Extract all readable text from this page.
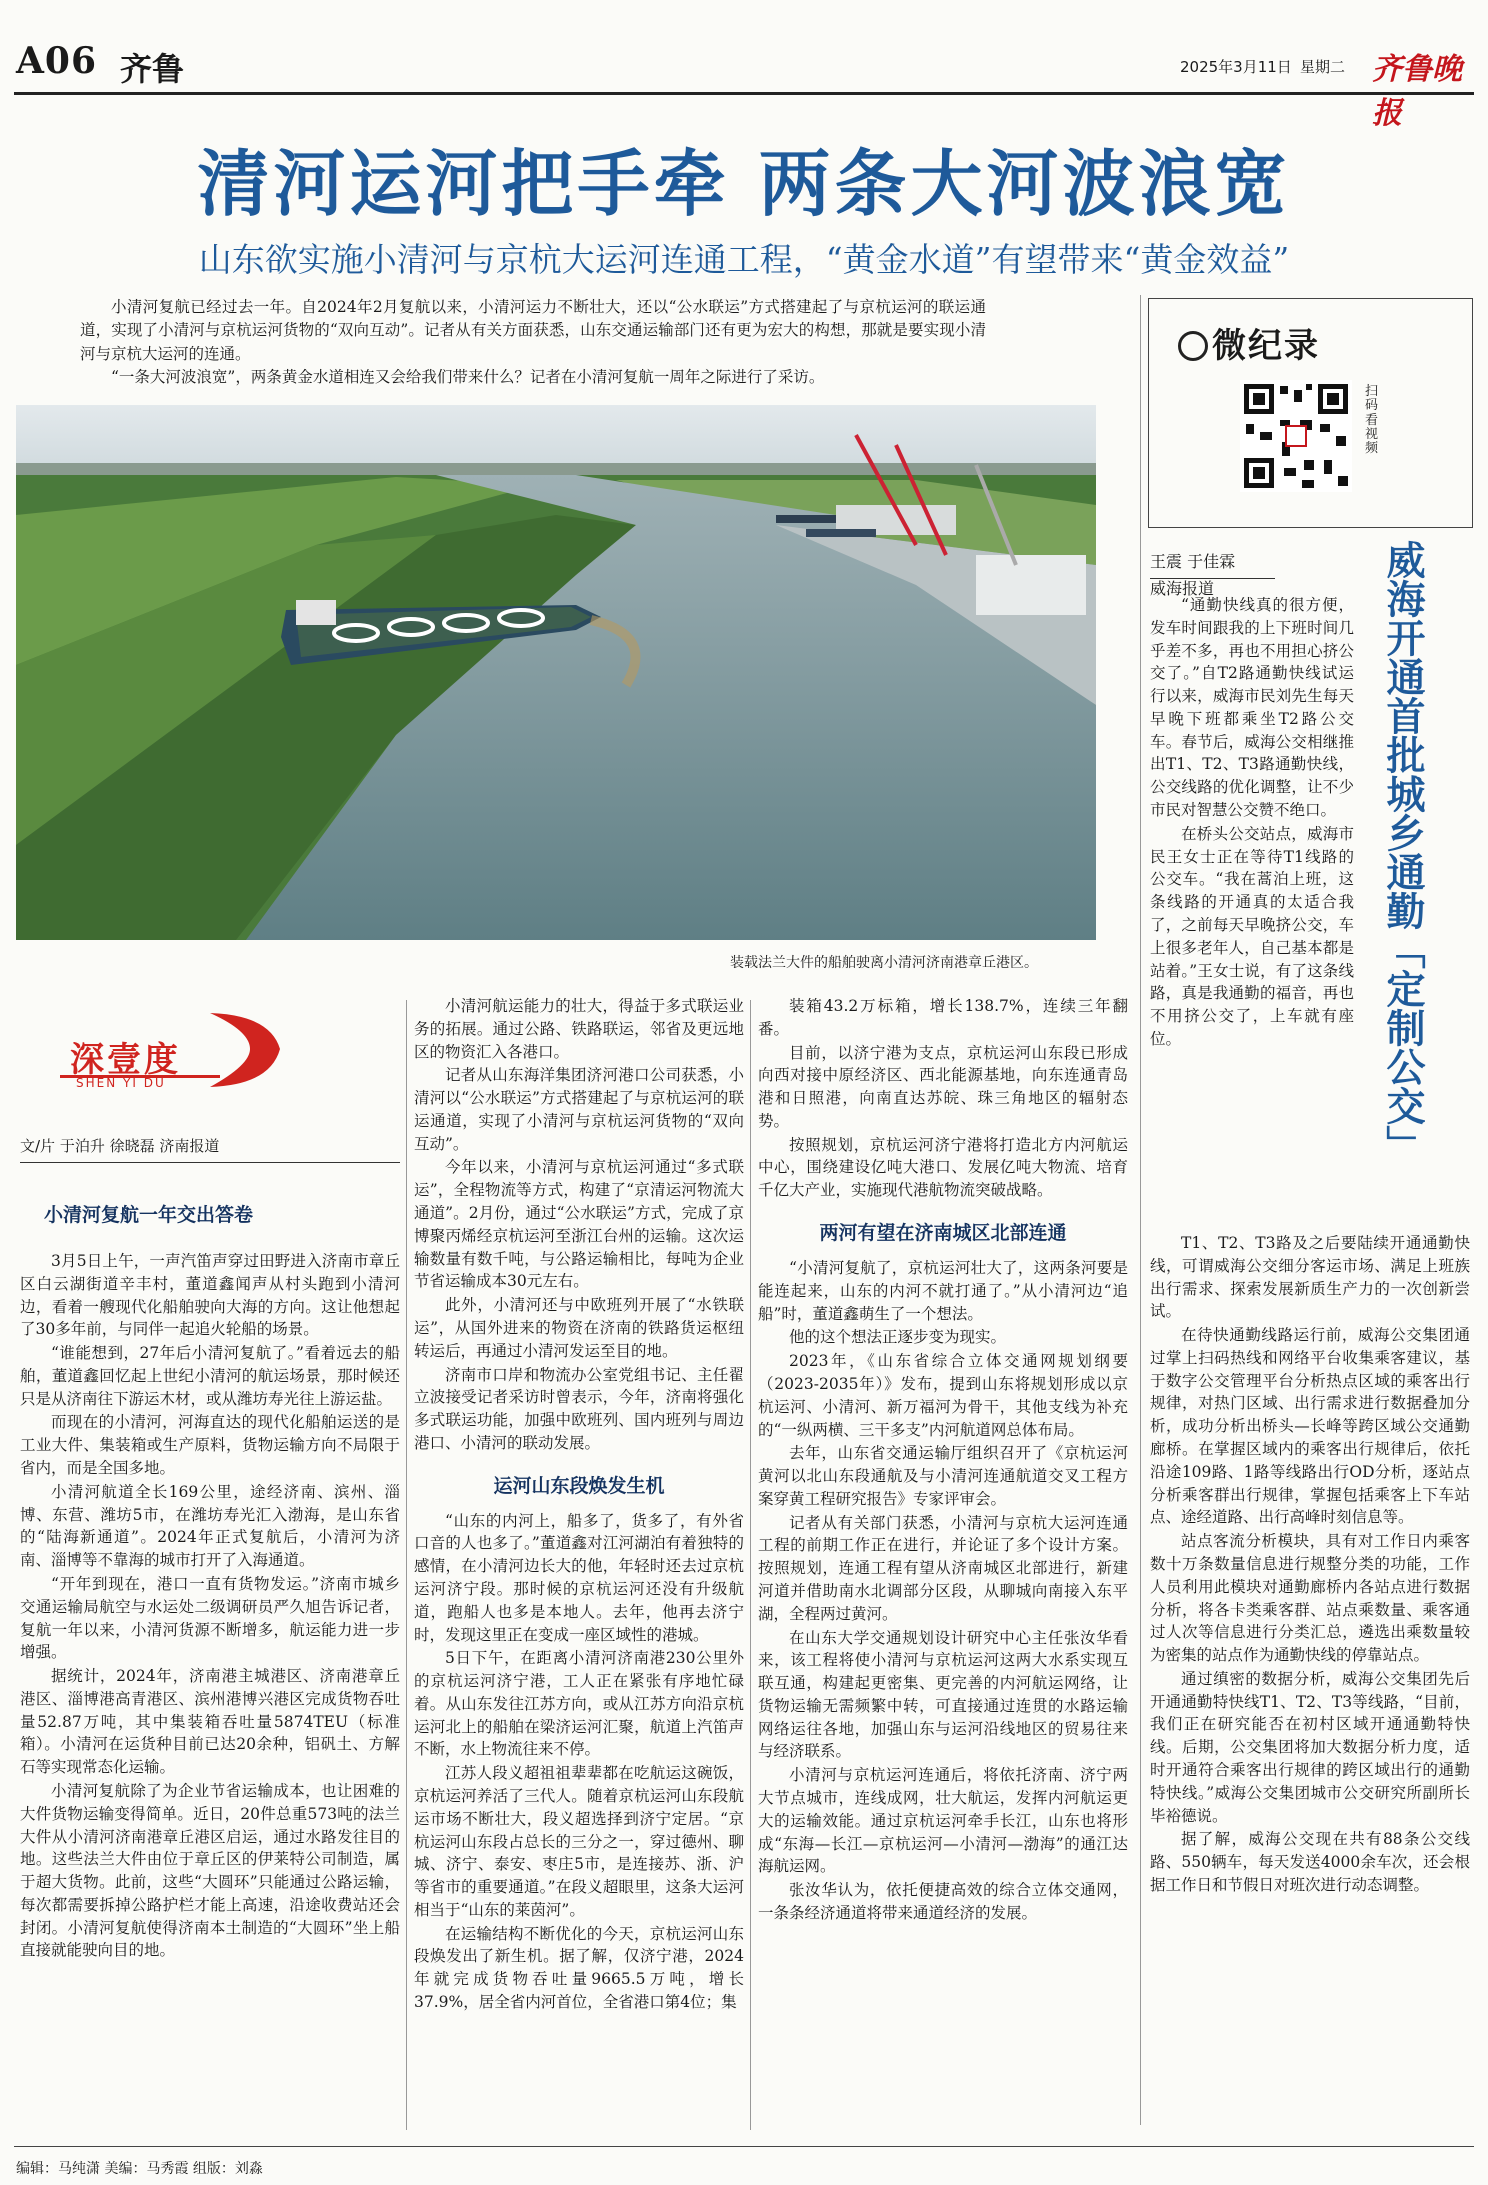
A06 齐鲁	2025年3月11日 星期二 齐鲁晚报
清河运河把手牵 两条大河波浪宽
山东欲实施小清河与京杭大运河连通工程，“黄金水道”有望带来“黄金效益”

小清河复航已经过去一年。自2024年2月复航以来，小清河运力不断壮大，还以“公水联运”方式搭建起了与京杭运河的联运通道，实现了小清河与京杭运河货物的“双向互动”。记者从有关方面获悉，山东交通运输部门还有更为宏大的构想，那就是要实现小清河与京杭大运河的连通。

“一条大河波浪宽”，两条黄金水道相连又会给我们带来什么？记者在小清河复航一周年之际进行了采访。

装载法兰大件的船舶驶离小清河济南港章丘港区。
深壹度
SHEN YI DU
文/片 于泊升 徐晓磊 济南报道
小清河复航一年交出答卷

3月5日上午，一声汽笛声穿过田野进入济南市章丘区白云湖街道辛丰村，董道鑫闻声从村头跑到小清河边，看着一艘现代化船舶驶向大海的方向。这让他想起了30多年前，与同伴一起追火轮船的场景。

“谁能想到，27年后小清河复航了。”看着远去的船舶，董道鑫回忆起上世纪小清河的航运场景，那时候还只是从济南往下游运木材，或从潍坊寿光往上游运盐。

而现在的小清河，河海直达的现代化船舶运送的是工业大件、集装箱或生产原料，货物运输方向不局限于省内，而是全国多地。

小清河航道全长169公里，途经济南、滨州、淄博、东营、潍坊5市，在潍坊寿光汇入渤海，是山东省的“陆海新通道”。2024年正式复航后，小清河为济南、淄博等不靠海的城市打开了入海通道。

“开年到现在，港口一直有货物发运。”济南市城乡交通运输局航空与水运处二级调研员严久旭告诉记者，复航一年以来，小清河货源不断增多，航运能力进一步增强。

据统计，2024年，济南港主城港区、济南港章丘港区、淄博港高青港区、滨州港博兴港区完成货物吞吐量52.87万吨，其中集装箱吞吐量5874TEU（标准箱）。小清河在运货种目前已达20余种，铝矾土、方解石等实现常态化运输。

小清河复航除了为企业节省运输成本，也让困难的大件货物运输变得简单。近日，20件总重573吨的法兰大件从小清河济南港章丘港区启运，通过水路发往目的地。这些法兰大件由位于章丘区的伊莱特公司制造，属于超大货物。此前，这些“大圆环”只能通过公路运输，每次都需要拆掉公路护栏才能上高速，沿途收费站还会封闭。小清河复航使得济南本土制造的“大圆环”坐上船直接就能驶向目的地。

小清河航运能力的壮大，得益于多式联运业务的拓展。通过公路、铁路联运，邻省及更远地区的物资汇入各港口。

记者从山东海洋集团济河港口公司获悉，小清河以“公水联运”方式搭建起了与京杭运河的联运通道，实现了小清河与京杭运河货物的“双向互动”。

今年以来，小清河与京杭运河通过“多式联运”，全程物流等方式，构建了“京清运河物流大通道”。2月份，通过“公水联运”方式，完成了京博聚丙烯经京杭运河至浙江台州的运输。这次运输数量有数千吨，与公路运输相比，每吨为企业节省运输成本30元左右。

此外，小清河还与中欧班列开展了“水铁联运”，从国外进来的物资在济南的铁路货运枢纽转运后，再通过小清河发运至目的地。

济南市口岸和物流办公室党组书记、主任翟立波接受记者采访时曾表示，今年，济南将强化多式联运功能，加强中欧班列、国内班列与周边港口、小清河的联动发展。

运河山东段焕发生机

“山东的内河上，船多了，货多了，有外省口音的人也多了。”董道鑫对江河湖泊有着独特的感情，在小清河边长大的他，年轻时还去过京杭运河济宁段。那时候的京杭运河还没有升级航道，跑船人也多是本地人。去年，他再去济宁时，发现这里正在变成一座区域性的港城。

5日下午，在距离小清河济南港230公里外的京杭运河济宁港，工人正在紧张有序地忙碌着。从山东发往江苏方向，或从江苏方向沿京杭运河北上的船舶在梁济运河汇聚，航道上汽笛声不断，水上物流往来不停。

江苏人段义超祖祖辈辈都在吃航运这碗饭，京杭运河养活了三代人。随着京杭运河山东段航运市场不断壮大，段义超选择到济宁定居。“京杭运河山东段占总长的三分之一，穿过德州、聊城、济宁、泰安、枣庄5市，是连接苏、浙、沪等省市的重要通道。”在段义超眼里，这条大运河相当于“山东的莱茵河”。

在运输结构不断优化的今天，京杭运河山东段焕发出了新生机。据了解，仅济宁港，2024年就完成货物吞吐量9665.5万吨，增长37.9%，居全省内河首位，全省港口第4位；集

装箱43.2万标箱，增长138.7%，连续三年翻番。

目前，以济宁港为支点，京杭运河山东段已形成向西对接中原经济区、西北能源基地，向东连通青岛港和日照港，向南直达苏皖、珠三角地区的辐射态势。

按照规划，京杭运河济宁港将打造北方内河航运中心，围绕建设亿吨大港口、发展亿吨大物流、培育千亿大产业，实施现代港航物流突破战略。

两河有望在济南城区北部连通

“小清河复航了，京杭运河壮大了，这两条河要是能连起来，山东的内河不就打通了。”从小清河边“追船”时，董道鑫萌生了一个想法。

他的这个想法正逐步变为现实。

2023年，《山东省综合立体交通网规划纲要（2023-2035年）》发布，提到山东将规划形成以京杭运河、小清河、新万福河为骨干，其他支线为补充的“一纵两横、三干多支”内河航道网总体布局。

去年，山东省交通运输厅组织召开了《京杭运河黄河以北山东段通航及与小清河连通航道交叉工程方案穿黄工程研究报告》专家评审会。

记者从有关部门获悉，小清河与京杭大运河连通工程的前期工作正在进行，并论证了多个设计方案。按照规划，连通工程有望从济南城区北部进行，新建河道并借助南水北调部分区段，从聊城向南接入东平湖，全程两过黄河。

在山东大学交通规划设计研究中心主任张汝华看来，该工程将使小清河与京杭运河这两大水系实现互联互通，构建起更密集、更完善的内河航运网络，让货物运输无需频繁中转，可直接通过连贯的水路运输网络运往各地，加强山东与运河沿线地区的贸易往来与经济联系。

小清河与京杭运河连通后，将依托济南、济宁两大节点城市，连线成网，壮大航运，发挥内河航运更大的运输效能。通过京杭运河牵手长江，山东也将形成“东海—长江—京杭运河—小清河—渤海”的通江达海航运网。

张汝华认为，依托便捷高效的综合立体交通网，一条条经济通道将带来通道经济的发展。

微纪录
扫码看视频
王震 于佳霖
威海报道	威海开通首批城乡通勤「定制公交」

“通勤快线真的很方便，发车时间跟我的上下班时间几乎差不多，再也不用担心挤公交了。”自T2路通勤快线试运行以来，威海市民刘先生每天早晚下班都乘坐T2路公交车。春节后，威海公交相继推出T1、T2、T3路通勤快线，公交线路的优化调整，让不少市民对智慧公交赞不绝口。

在桥头公交站点，威海市民王女士正在等待T1线路的公交车。“我在蒿泊上班，这条线路的开通真的太适合我了，之前每天早晚挤公交，车上很多老年人，自己基本都是站着。”王女士说，有了这条线路，真是我通勤的福音，再也不用挤公交了，上车就有座位。

T1、T2、T3路及之后要陆续开通通勤快线，可谓威海公交细分客运市场、满足上班族出行需求、探索发展新质生产力的一次创新尝试。

在待快通勤线路运行前，威海公交集团通过掌上扫码热线和网络平台收集乘客建议，基于数字公交管理平台分析热点区域的乘客出行规律，对热门区域、出行需求进行数据叠加分析，成功分析出桥头—长峰等跨区域公交通勤廊桥。在掌握区域内的乘客出行规律后，依托沿途109路、1路等线路出行OD分析，逐站点分析乘客群出行规律，掌握包括乘客上下车站点、途经道路、出行高峰时刻信息等。

站点客流分析模块，具有对工作日内乘客数十万条数量信息进行规整分类的功能，工作人员利用此模块对通勤廊桥内各站点进行数据分析，将各卡类乘客群、站点乘数量、乘客通过人次等信息进行分类汇总，遴选出乘数量较为密集的站点作为通勤快线的停靠站点。

通过缜密的数据分析，威海公交集团先后开通通勤特快线T1、T2、T3等线路，“目前，我们正在研究能否在初村区域开通通勤特快线。后期，公交集团将加大数据分析力度，适时开通符合乘客出行规律的跨区域出行的通勤特快线。”威海公交集团城市公交研究所副所长毕裕德说。

据了解，威海公交现在共有88条公交线路、550辆车，每天发送4000余车次，还会根据工作日和节假日对班次进行动态调整。

编辑：马纯潇 美编：马秀霞 组版：刘淼
